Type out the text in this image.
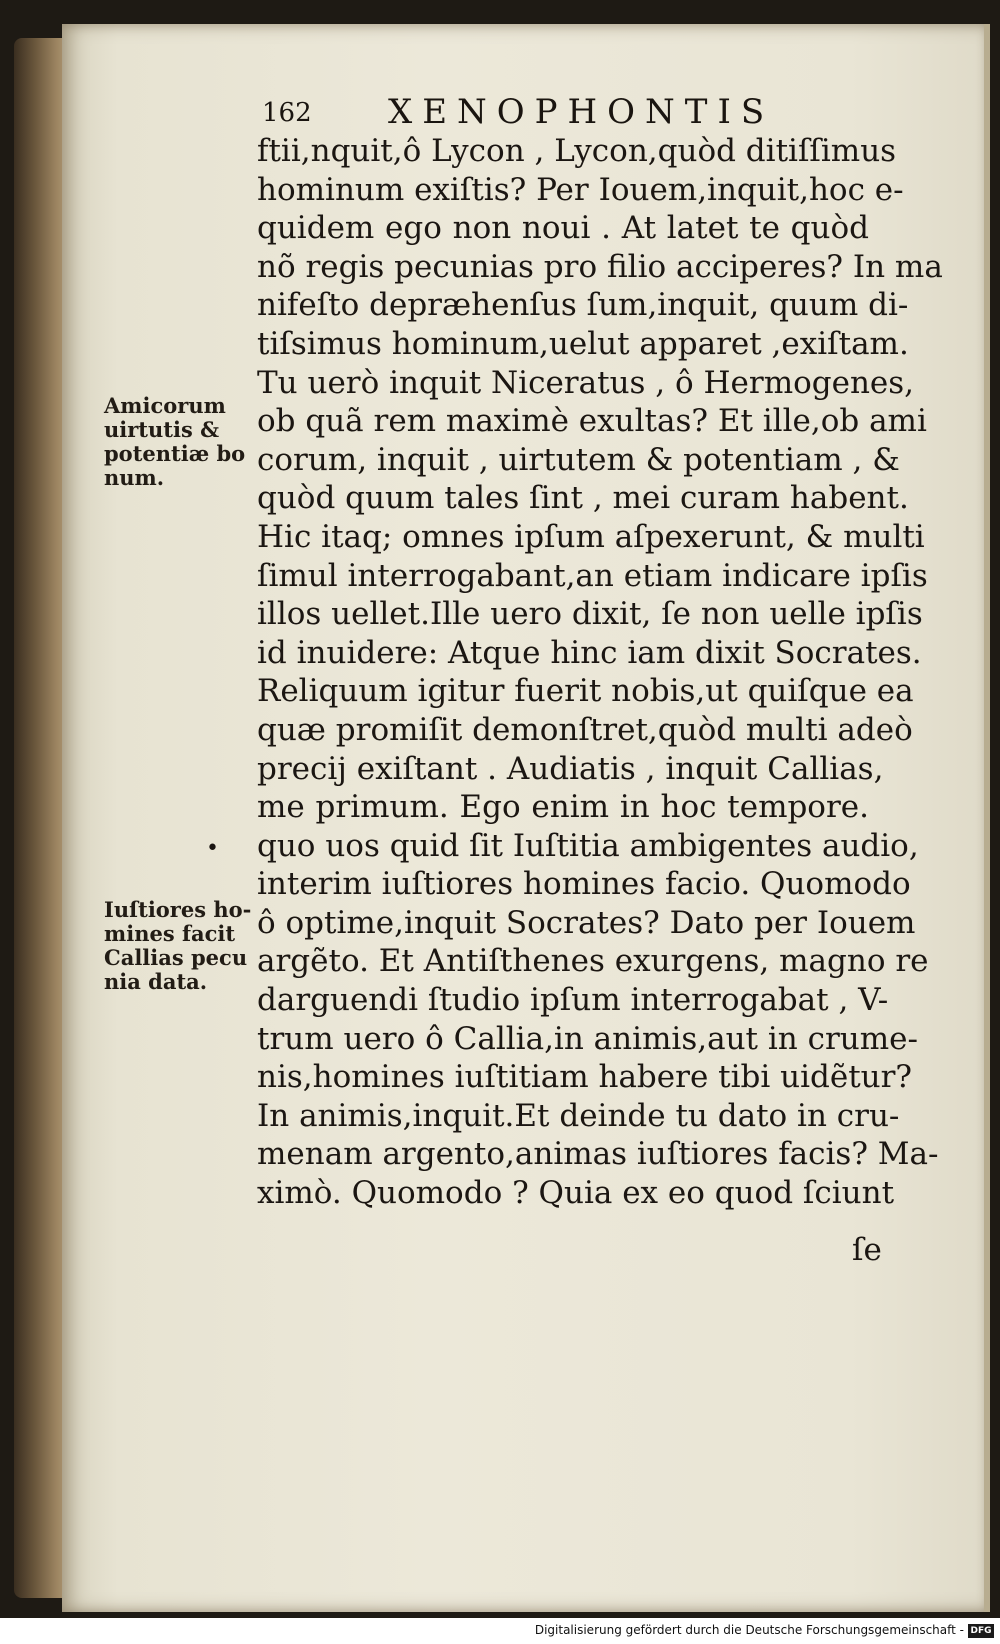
162 XENOPHONTIS
ftii,nquit,ô Lycon , Lycon,quòd ditiſſimus
hominum exiſtis? Per Iouem,inquit,hoc e-
quidem ego non noui . At latet te quòd
nõ regis pecunias pro filio acciperes? In ma
nifeſto depræhenſus ſum,inquit, quum di-
tiſsimus hominum,uelut apparet ,exiſtam.
Tu uerò inquit Niceratus , ô Hermogenes,
ob quã rem maximè exultas? Et ille,ob ami
corum, inquit , uirtutem & potentiam , &
quòd quum tales ſint , mei curam habent.
Hic itaq; omnes ipſum aſpexerunt, & multi
ſimul interrogabant,an etiam indicare ipſis
illos uellet.Ille uero dixit, ſe non uelle ipſis
id inuidere: Atque hinc iam dixit Socrates.
Reliquum igitur fuerit nobis,ut quiſque ea
quæ promiſit demonſtret,quòd multi adeò
precij exiſtant . Audiatis , inquit Callias,
me primum. Ego enim in hoc tempore.
quo uos quid ſit Iuſtitia ambigentes audio,
interim iuſtiores homines facio. Quomodo
ô optime,inquit Socrates? Dato per Iouem
argẽto. Et Antiſthenes exurgens, magno re
darguendi ſtudio ipſum interrogabat , V-
trum uero ô Callia,in animis,aut in crume-
nis,homines iuſtitiam habere tibi uidẽtur?
In animis,inquit.Et deinde tu dato in cru-
menam argento,animas iuſtiores facis? Ma-
ximò. Quomodo ? Quia ex eo quod ſciunt
ſe
Amicorum
uirtutis &
potentiæ bo
num.
•
Iuſtiores ho-
mines facit
Callias pecu
nia data.
Digitalisierung gefördert durch die Deutsche Forschungsgemeinschaft - DFG
